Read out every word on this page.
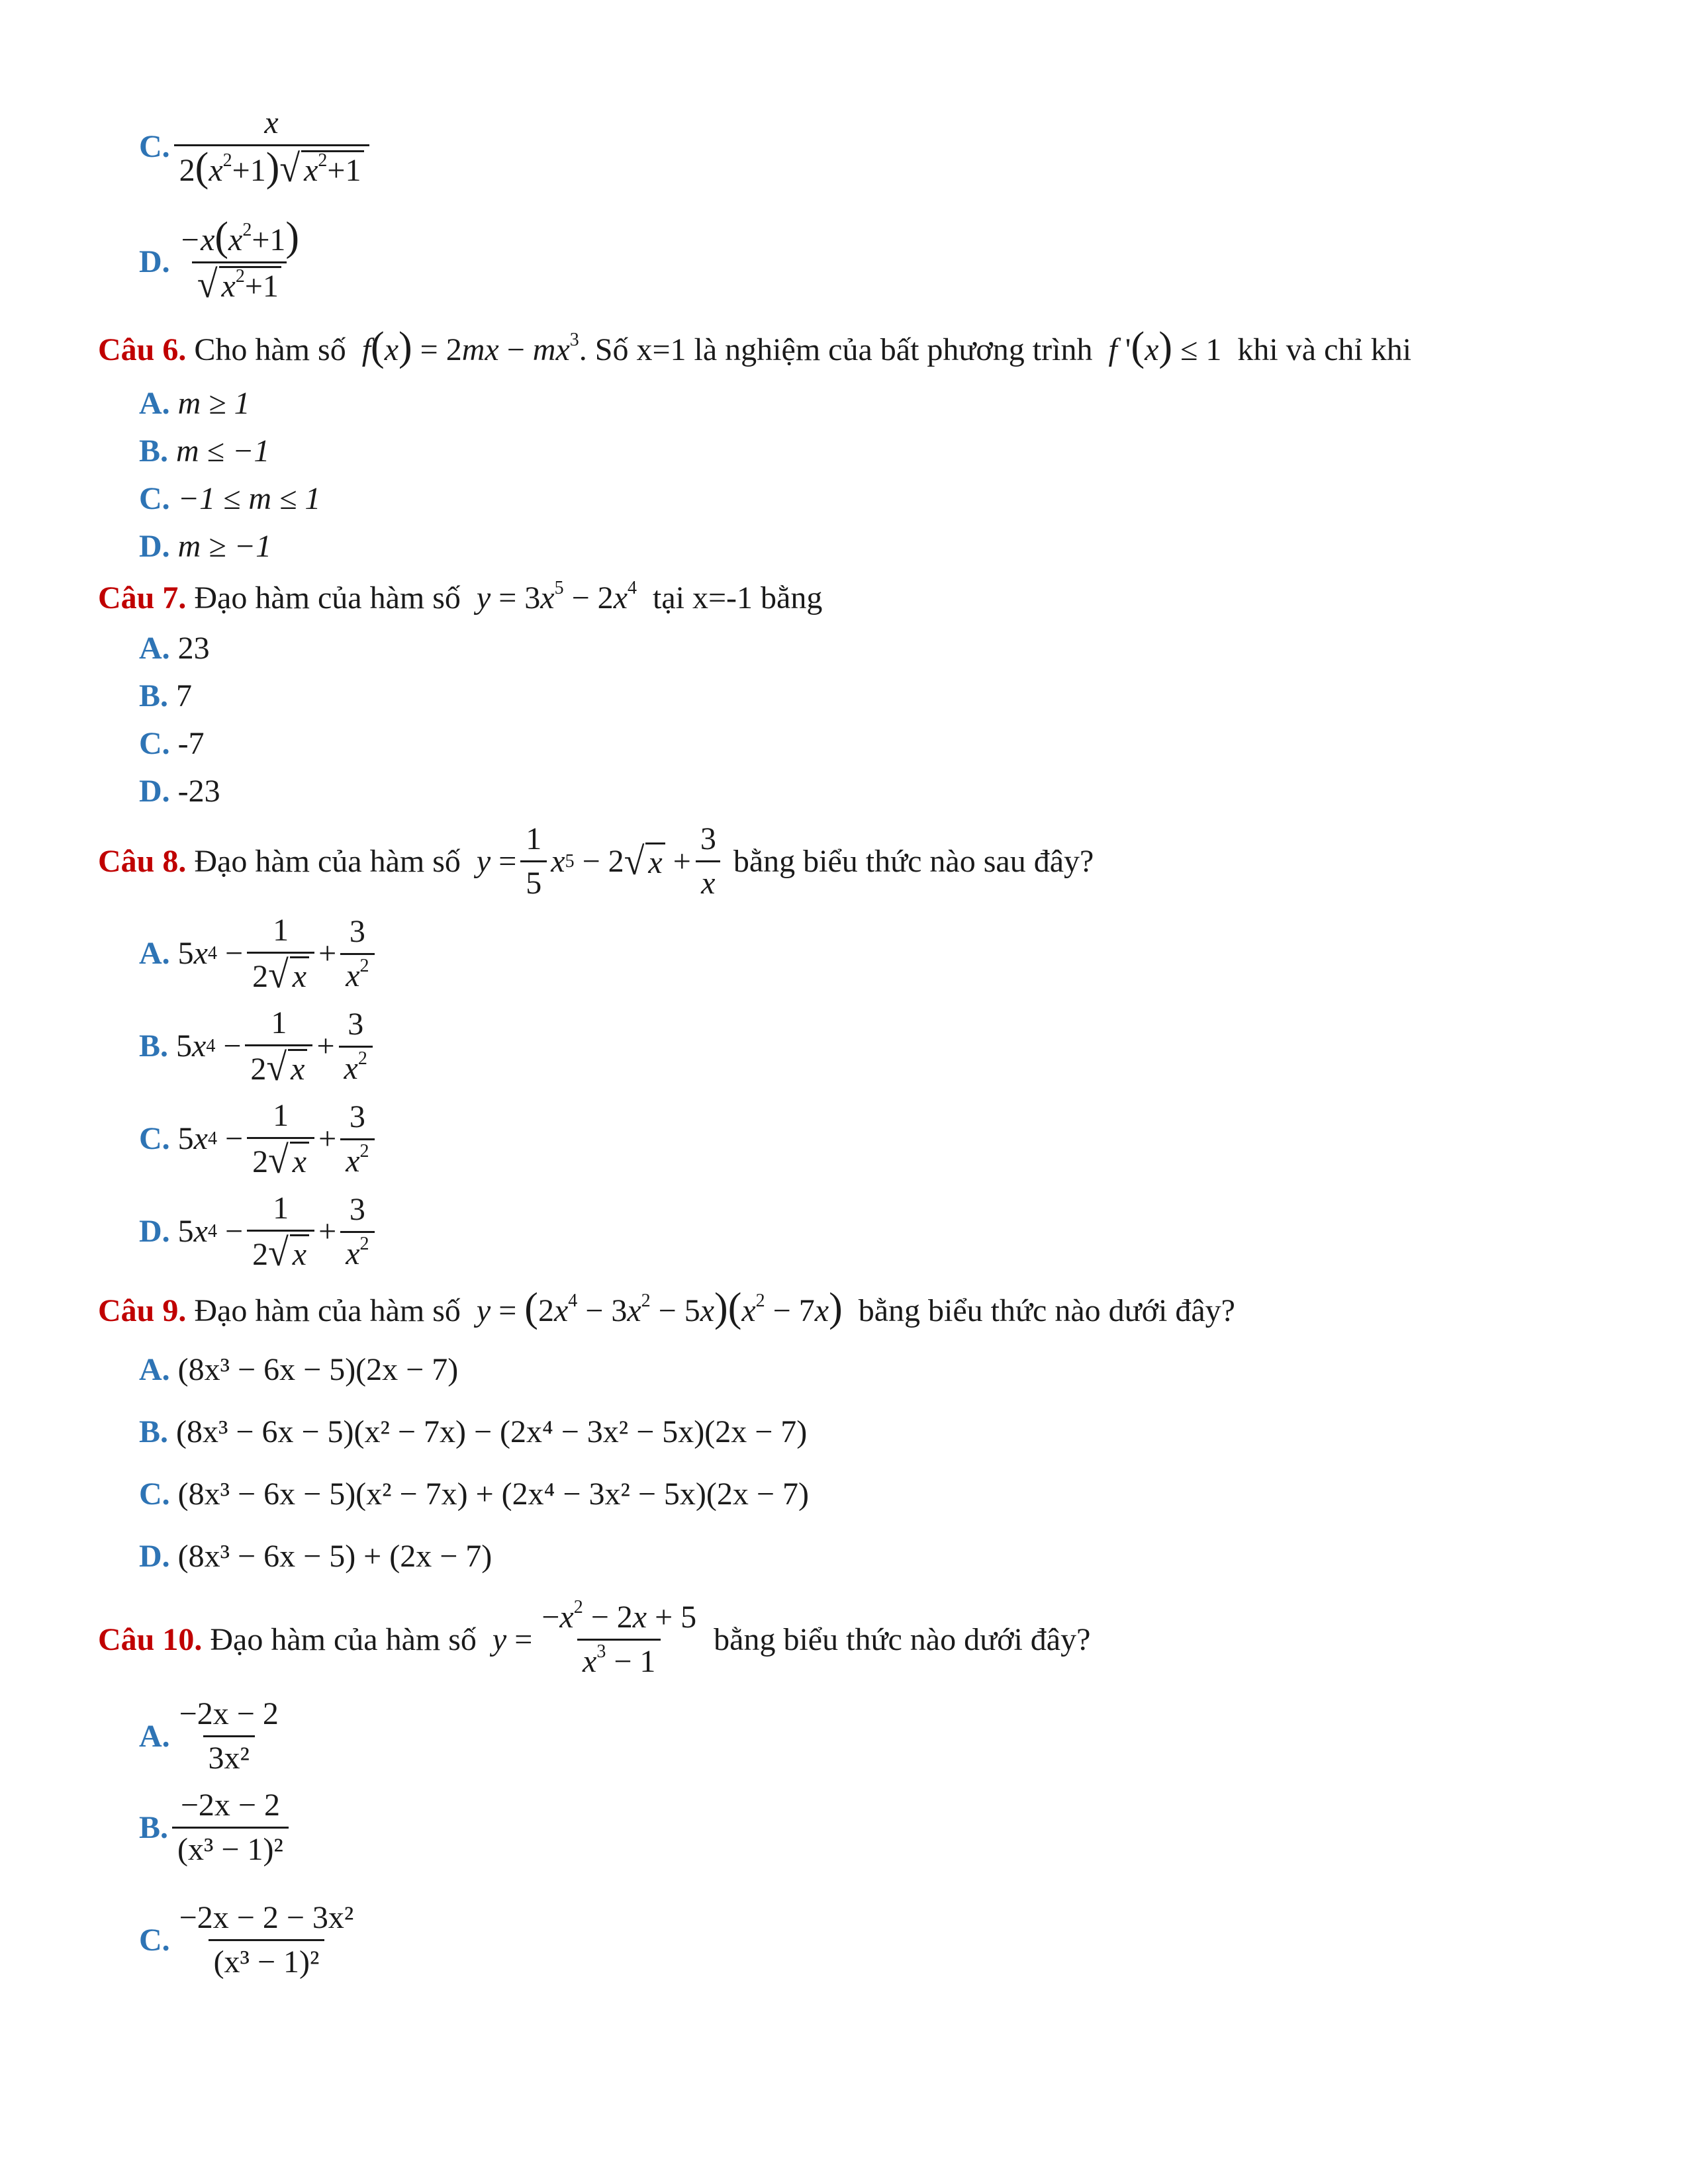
C. $\frac{x}{2(x^2+1)√ x^2+1}$
D. $\frac{-x(x^2+1)}{√ x^2+1}$
Câu 6. Cho hàm số  $f(x) = 2mx - mx^3$. Số x=1 là nghiệm của bất phương trình  f '(x) ≤ 1  khi và chỉ khi
A. m ≥ 1
B. m ≤ −1
C. −1 ≤ m ≤ 1
D. m ≥ −1
Câu 7. Đạo hàm của hàm số $y = 3x^5 - 2x^4$ tại x=-1 bằng
A. 23
B. 7
C. -7
D. -23
Câu 8.
Đạo hàm của hàm số
$y = \frac{1}{5}$ x 5 − 2 √ $x + \frac{3}{x}$
bằng biểu thức nào sau đây?
A. 5 x $4 - \frac{1}{2√ x} + \frac{3}{x^2}$
B. 5 x $4 - \frac{1}{2√ x} + \frac{3}{x^2}$
C. 5 x $4 - \frac{1}{2√ x} + \frac{3}{x^2}$
D. 5 x $4 - \frac{1}{2√ x} + \frac{3}{x^2}$
Câu 9. Đạo hàm của hàm số $y = (2x^4 - 3x^2 - 5x)(x^2 - 7x)$ bằng biểu thức nào dưới đây?
A. (8x³ − 6x − 5)(2x − 7)
B. (8x³ − 6x − 5)(x² − 7x) − (2x⁴ − 3x² − 5x)(2x − 7)
C. (8x³ − 6x − 5)(x² − 7x) + (2x⁴ − 3x² − 5x)(2x − 7)
D. (8x³ − 6x − 5) + (2x − 7)
Câu 10.
Đạo hàm của hàm số
$y = \frac{-x^2 - 2x + 5}{x^3 - 1}$
bằng biểu thức nào dưới đây?
A. $\frac{-2x - 2}{\text{3x²}}$
B. $\frac{-2x - 2}{\text{(x³ − 1)²}}$
C. $\frac{\text{−2x − 2 − 3x²}}{\text{(x³ − 1)²}}$
